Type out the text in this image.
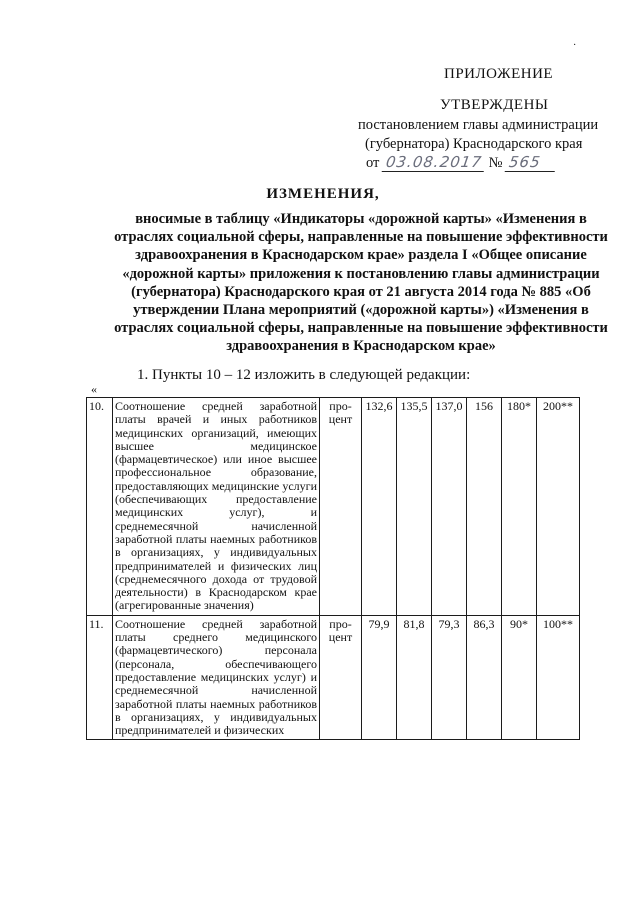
·
ПРИЛОЖЕНИЕ
УТВЕРЖДЕНЫ
постановлением главы администрации
(губернатора) Краснодарского края
от 03.08.2017 № 565
ИЗМЕНЕНИЯ,
вносимые в таблицу «Индикаторы «дорожной карты» «Изменения в отраслях социальной сферы, направленные на повышение эффективности здравоохранения в Краснодарском крае» раздела I «Общее описание «дорожной карты» приложения к постановлению главы администрации (губернатора) Краснодарского края от 21 августа 2014 года № 885 «Об утверждении Плана мероприятий («дорожной карты») «Изменения в отраслях социальной сферы, направленные на повышение эффективности здравоохранения в Краснодарском крае»
1. Пункты 10 – 12 изложить в следующей редакции:
«
10.	Соотношение средней заработной платы врачей и иных работников медицинских организаций, имеющих высшее медицинское (фармацевтическое) или иное высшее профессиональное образование, предоставляющих медицинские услуги (обеспечивающих предоставление медицинских услуг), и среднемесячной начисленной заработной платы наемных работников в организациях, у индивидуальных предпринимателей и физических лиц (среднемесячного дохода от трудовой деятельности) в Краснодарском крае (агрегированные значения)	про-цент	132,6	135,5	137,0	156	180*	200**
11.	Соотношение средней заработной платы среднего медицинского (фармацевтического) персонала (персонала, обеспечивающего предоставление медицинских услуг) и среднемесячной начисленной заработной платы наемных работников в организациях, у индивидуальных предпринимателей и физических	про-цент	79,9	81,8	79,3	86,3	90*	100**
